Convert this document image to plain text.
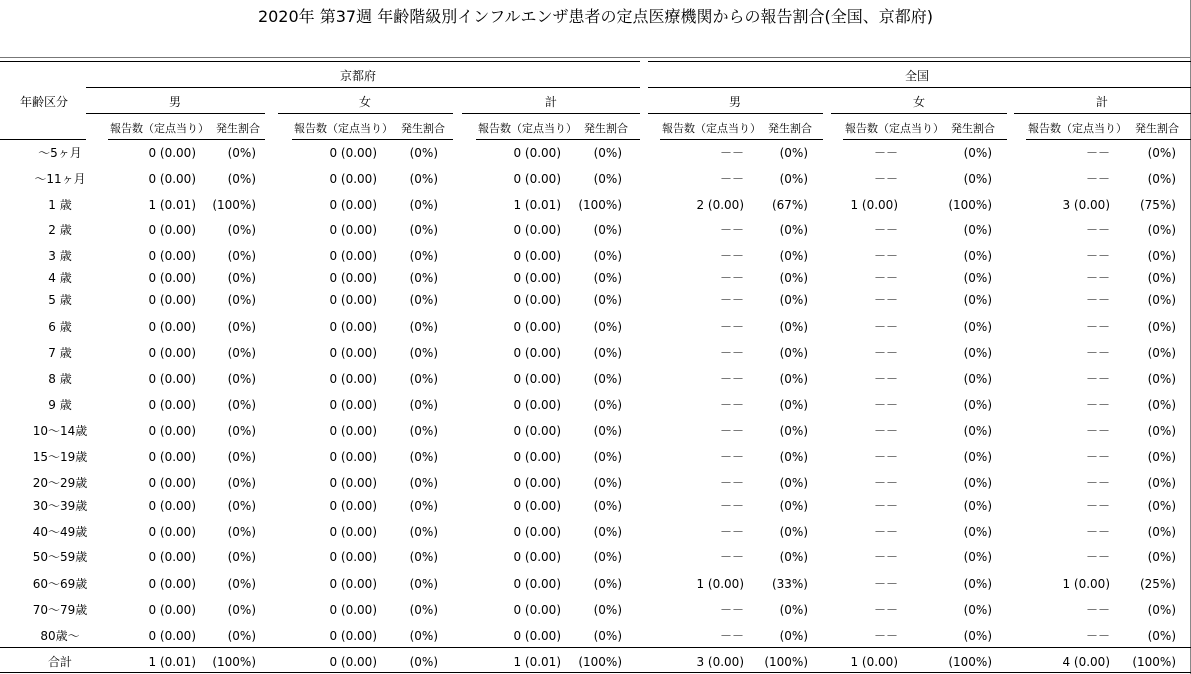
2020年 第37週 年齢階級別インフルエンザ患者の定点医療機関からの報告割合(全国、京都府)
年齢区分
京都府	全国
男	女	計	男	女	計
報告数（定点当り） 発生割合	報告数（定点当り） 発生割合	報告数（定点当り） 発生割合	報告数（定点当り） 発生割合	報告数（定点当り） 発生割合	報告数（定点当り） 発生割合
～5ヶ月	0 (0.00)	(0%)	0 (0.00)	(0%)	0 (0.00)	(0%)	－－	(0%)	－－	(0%)	－－	(0%)
～11ヶ月	0 (0.00)	(0%)	0 (0.00)	(0%)	0 (0.00)	(0%)	－－	(0%)	－－	(0%)	－－	(0%)
1 歳	1 (0.01)	(100%)	0 (0.00)	(0%)	1 (0.01)	(100%)	2 (0.00)	(67%)	1 (0.00)	(100%)	3 (0.00)	(75%)
2 歳	0 (0.00)	(0%)	0 (0.00)	(0%)	0 (0.00)	(0%)	－－	(0%)	－－	(0%)	－－	(0%)
3 歳	0 (0.00)	(0%)	0 (0.00)	(0%)	0 (0.00)	(0%)	－－	(0%)	－－	(0%)	－－	(0%)
4 歳	0 (0.00)	(0%)	0 (0.00)	(0%)	0 (0.00)	(0%)	－－	(0%)	－－	(0%)	－－	(0%)
5 歳	0 (0.00)	(0%)	0 (0.00)	(0%)	0 (0.00)	(0%)	－－	(0%)	－－	(0%)	－－	(0%)
6 歳	0 (0.00)	(0%)	0 (0.00)	(0%)	0 (0.00)	(0%)	－－	(0%)	－－	(0%)	－－	(0%)
7 歳	0 (0.00)	(0%)	0 (0.00)	(0%)	0 (0.00)	(0%)	－－	(0%)	－－	(0%)	－－	(0%)
8 歳	0 (0.00)	(0%)	0 (0.00)	(0%)	0 (0.00)	(0%)	－－	(0%)	－－	(0%)	－－	(0%)
9 歳	0 (0.00)	(0%)	0 (0.00)	(0%)	0 (0.00)	(0%)	－－	(0%)	－－	(0%)	－－	(0%)
10～14歳	0 (0.00)	(0%)	0 (0.00)	(0%)	0 (0.00)	(0%)	－－	(0%)	－－	(0%)	－－	(0%)
15～19歳	0 (0.00)	(0%)	0 (0.00)	(0%)	0 (0.00)	(0%)	－－	(0%)	－－	(0%)	－－	(0%)
20～29歳	0 (0.00)	(0%)	0 (0.00)	(0%)	0 (0.00)	(0%)	－－	(0%)	－－	(0%)	－－	(0%)
30～39歳	0 (0.00)	(0%)	0 (0.00)	(0%)	0 (0.00)	(0%)	－－	(0%)	－－	(0%)	－－	(0%)
40～49歳	0 (0.00)	(0%)	0 (0.00)	(0%)	0 (0.00)	(0%)	－－	(0%)	－－	(0%)	－－	(0%)
50～59歳	0 (0.00)	(0%)	0 (0.00)	(0%)	0 (0.00)	(0%)	－－	(0%)	－－	(0%)	－－	(0%)
60～69歳	0 (0.00)	(0%)	0 (0.00)	(0%)	0 (0.00)	(0%)	1 (0.00)	(33%)	－－	(0%)	1 (0.00)	(25%)
70～79歳	0 (0.00)	(0%)	0 (0.00)	(0%)	0 (0.00)	(0%)	－－	(0%)	－－	(0%)	－－	(0%)
80歳～	0 (0.00)	(0%)	0 (0.00)	(0%)	0 (0.00)	(0%)	－－	(0%)	－－	(0%)	－－	(0%)
合計	1 (0.01)	(100%)	0 (0.00)	(0%)	1 (0.01)	(100%)	3 (0.00)	(100%)	1 (0.00)	(100%)	4 (0.00)	(100%)
